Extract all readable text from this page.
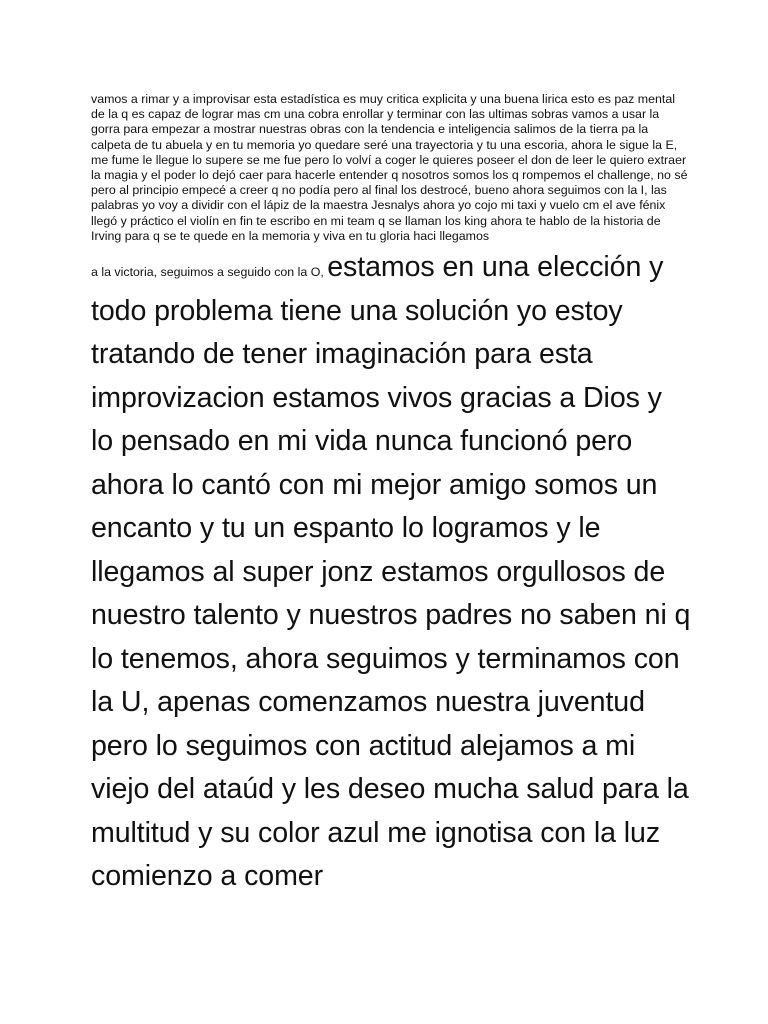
vamos a rimar y a improvisar esta estadística es muy critica explicita y una buena lirica esto es paz mental de la q es capaz de lograr mas cm una cobra enrollar y terminar con las ultimas sobras vamos a usar la gorra para empezar a mostrar nuestras obras con la tendencia e inteligencia salimos de la tierra pa la calpeta de tu abuela y en tu memoria yo quedare seré una trayectoria y tu una escoria, ahora le sigue la E, me fume le llegue lo supere se me fue pero lo volví a coger le quieres poseer el don de leer le quiero extraer la magia y el poder lo dejó caer para hacerle entender q nosotros somos los q rompemos el challenge, no sé pero al principio empecé a creer q no podía pero al final los destrocé, bueno ahora seguimos con la I, las palabras yo voy a dividir con el lápiz de la maestra Jesnalys ahora yo cojo mi taxi y vuelo cm el ave fénix llegó y práctico el violín en fin te escribo en mi team q se llaman los king ahora te hablo de la historia de Irving para q se te quede en la memoria y viva en tu gloria haci llegamos

a la victoria, seguimos a seguido con la O, estamos en una elección y todo problema tiene una solución yo estoy tratando de tener imaginación para esta improvizacion estamos vivos gracias a Dios y lo pensado en mi vida nunca funcionó pero ahora lo cantó con mi mejor amigo somos un encanto y tu un espanto lo logramos y le llegamos al super jonz estamos orgullosos de nuestro talento y nuestros padres no saben ni q lo tenemos, ahora seguimos y terminamos con la U, apenas comenzamos nuestra juventud pero lo seguimos con actitud alejamos a mi viejo del ataúd y les deseo mucha salud para la multitud y su color azul me ignotisa con la luz comienzo a comer
